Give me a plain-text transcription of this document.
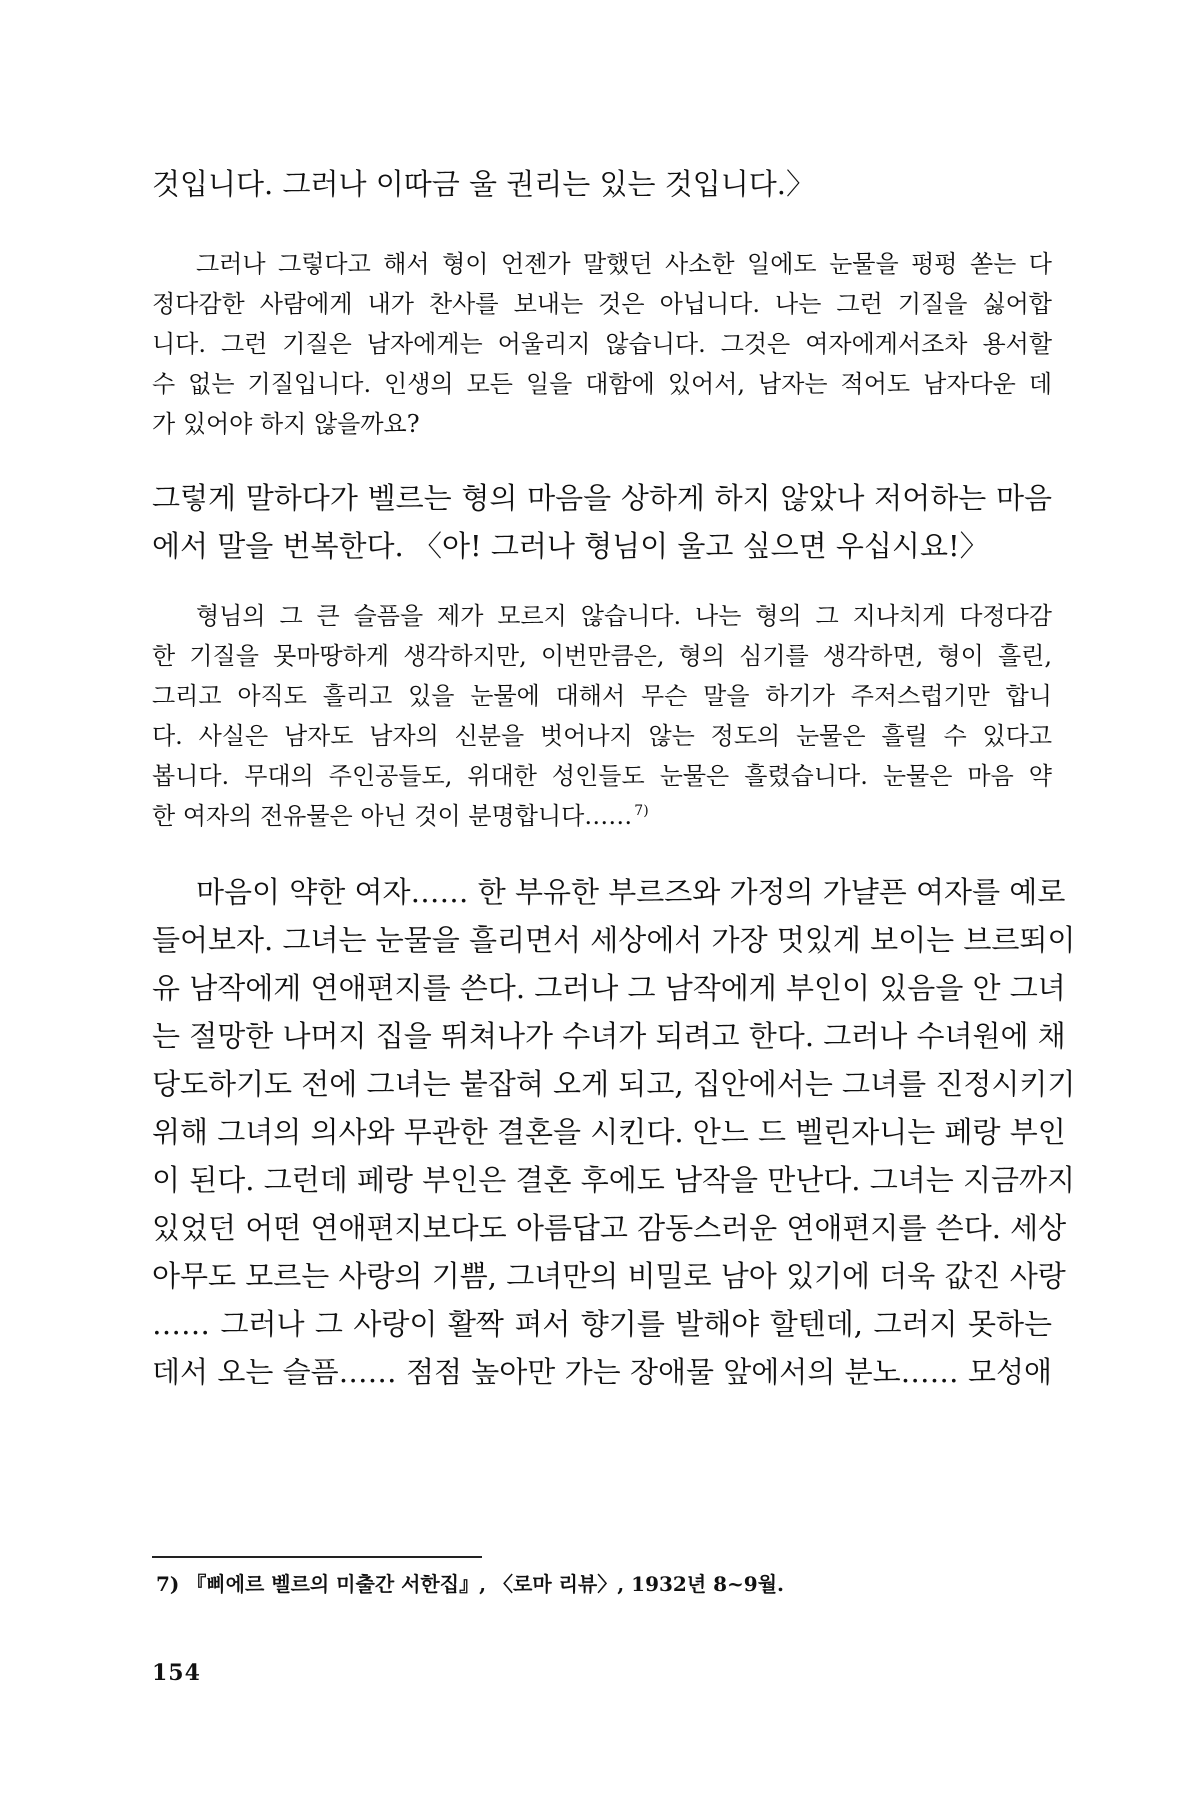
것입니다. 그러나 이따금 울 권리는 있는 것입니다.〉
그러나 그렇다고 해서 형이 언젠가 말했던 사소한 일에도 눈물을 펑펑 쏟는 다
정다감한 사람에게 내가 찬사를 보내는 것은 아닙니다. 나는 그런 기질을 싫어합
니다. 그런 기질은 남자에게는 어울리지 않습니다. 그것은 여자에게서조차 용서할
수 없는 기질입니다. 인생의 모든 일을 대함에 있어서, 남자는 적어도 남자다운 데
가 있어야 하지 않을까요?
그렇게 말하다가 벨르는 형의 마음을 상하게 하지 않았나 저어하는 마음
에서 말을 번복한다. 〈아! 그러나 형님이 울고 싶으면 우십시요!〉
형님의 그 큰 슬픔을 제가 모르지 않습니다. 나는 형의 그 지나치게 다정다감
한 기질을 못마땅하게 생각하지만, 이번만큼은, 형의 심기를 생각하면, 형이 흘린,
그리고 아직도 흘리고 있을 눈물에 대해서 무슨 말을 하기가 주저스럽기만 합니
다. 사실은 남자도 남자의 신분을 벗어나지 않는 정도의 눈물은 흘릴 수 있다고
봅니다. 무대의 주인공들도, 위대한 성인들도 눈물은 흘렸습니다. 눈물은 마음 약
한 여자의 전유물은 아닌 것이 분명합니다…… $^{7)}$
마음이 약한 여자…… 한 부유한 부르즈와 가정의 가냘픈 여자를 예로
들어보자. 그녀는 눈물을 흘리면서 세상에서 가장 멋있게 보이는 브르뙤이
유 남작에게 연애편지를 쓴다. 그러나 그 남작에게 부인이 있음을 안 그녀
는 절망한 나머지 집을 뛰쳐나가 수녀가 되려고 한다. 그러나 수녀원에 채
당도하기도 전에 그녀는 붙잡혀 오게 되고, 집안에서는 그녀를 진정시키기
위해 그녀의 의사와 무관한 결혼을 시킨다. 안느 드 벨린자니는 페랑 부인
이 된다. 그런데 페랑 부인은 결혼 후에도 남작을 만난다. 그녀는 지금까지
있었던 어떤 연애편지보다도 아름답고 감동스러운 연애편지를 쓴다. 세상
아무도 모르는 사랑의 기쁨, 그녀만의 비밀로 남아 있기에 더욱 값진 사랑
…… 그러나 그 사랑이 활짝 펴서 향기를 발해야 할텐데, 그러지 못하는
데서 오는 슬픔…… 점점 높아만 가는 장애물 앞에서의 분노…… 모성애
7) 『삐에르 벨르의 미출간 서한집』, 〈로마 리뷰〉, 1932년 8~9월.
154
